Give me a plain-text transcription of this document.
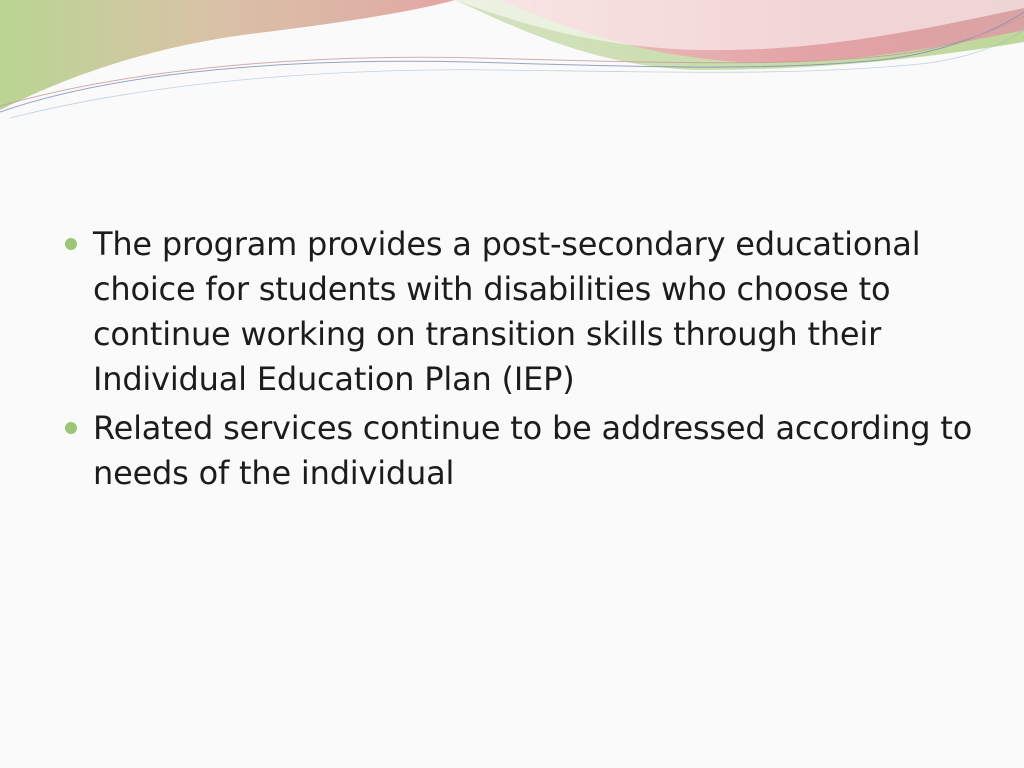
The program provides a post-secondary educational choice for students with disabilities who choose to continue working on transition skills through their Individual Education Plan (IEP)
Related services continue to be addressed according to needs of the individual
